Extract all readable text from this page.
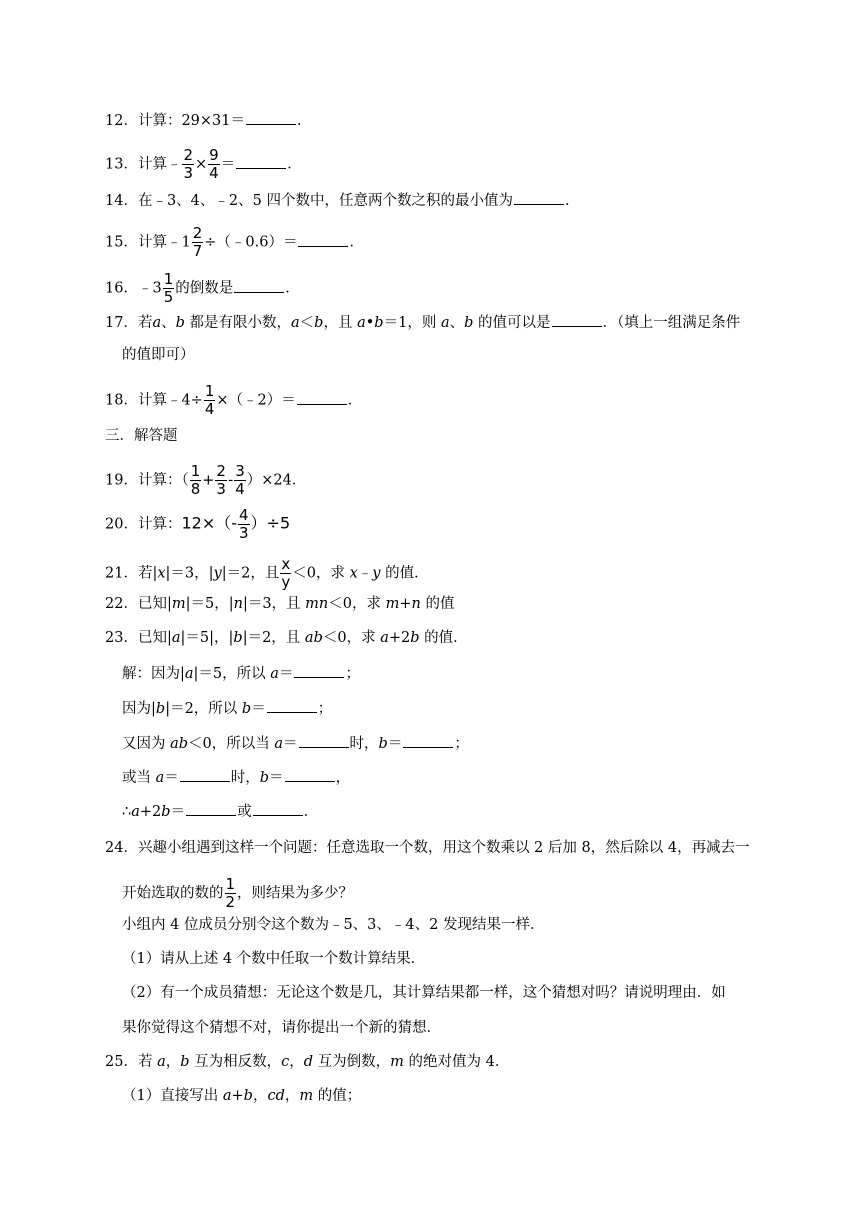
12．计算：29×31＝	．
13．计算﹣ $\frac{2}{3} \times \frac{9}{4}$ ＝	．
14．在﹣3、4、﹣2、5 四个数中，任意两个数之积的最小值为	．
15．计算﹣1 $\frac{2}{7}$ ÷（﹣0.6）＝	．
16．﹣3 $\frac{1}{5}$ 的倒数是	．
17．若a、b 都是有限小数，a＜b，且 a•b＝1，则 a、b 的值可以是	．（填上一组满足条件
的值即可）
18．计算﹣4÷ $\frac{1}{4}$ ×（﹣2）＝	．
三．解答题
19．计算：（ $\frac{1}{8} + \frac{2}{3} - \frac{3}{4} )\times 24$．
20．计算：$12\times(- \frac{4}{3} )\div 5$
21．若|x|＝3，|y|＝2，且 $\frac{x}{y} <0$，求 x﹣y 的值．
22．已知|m|＝5，|n|＝3，且 mn＜0，求 m+n 的值
23．已知|a|＝5|，|b|＝2，且 ab＜0，求 a+2b 的值．
解：因为|a|＝5，所以 a＝	；
因为|b|＝2，所以 b＝	；
又因为 ab＜0，所以当 a＝	时，b＝	；
或当 a＝	时，b＝	，
∴a+2b＝	或	．
24．兴趣小组遇到这样一个问题：任意选取一个数，用这个数乘以 2 后加 8，然后除以 4，再减去一
开始选取的数的 $\frac{1}{2}$ ，则结果为多少？
小组内 4 位成员分别令这个数为﹣5、3、﹣4、2 发现结果一样．
（1）请从上述 4 个数中任取一个数计算结果．
（2）有一个成员猜想：无论这个数是几，其计算结果都一样，这个猜想对吗？请说明理由．如
果你觉得这个猜想不对，请你提出一个新的猜想．
25．若 a，b 互为相反数，c，d 互为倒数，m 的绝对值为 4．
（1）直接写出 a+b，cd，m 的值；
